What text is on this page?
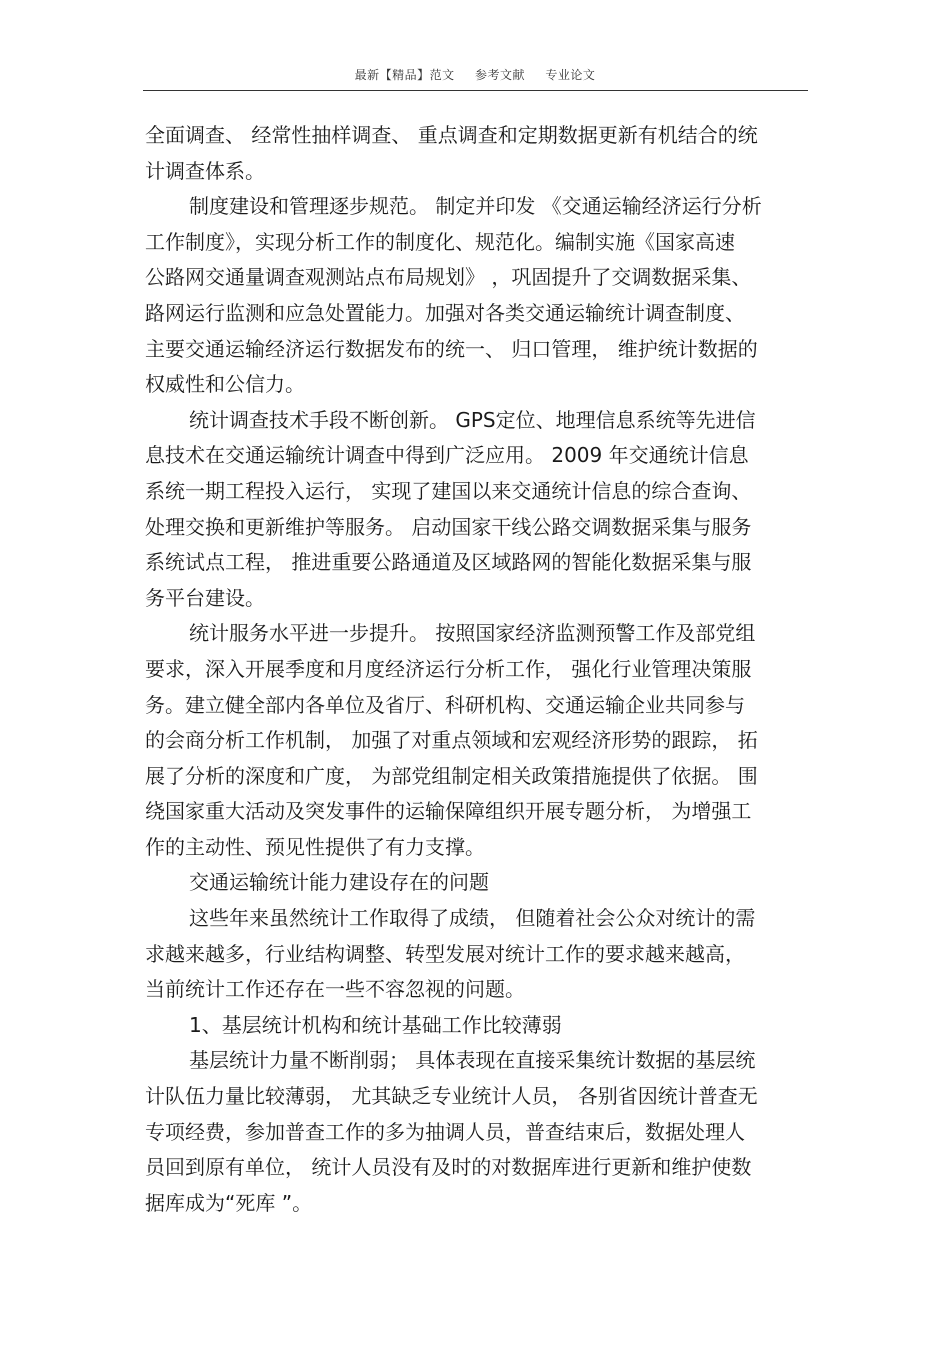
最新【精品】范文 参考文献 专业论文
全面调查、 经常性抽样调查、 重点调查和定期数据更新有机结合的统
计调查体系。
制度建设和管理逐步规范。 制定并印发 《交通运输经济运行分析
工作制度》，实现分析工作的制度化、规范化。编制实施《国家高速
公路网交通量调查观测站点布局规划》 ，巩固提升了交调数据采集、
路网运行监测和应急处置能力。加强对各类交通运输统计调查制度、
主要交通运输经济运行数据发布的统一、 归口管理， 维护统计数据的
权威性和公信力。
统计调查技术手段不断创新。 GPS定位、地理信息系统等先进信
息技术在交通运输统计调查中得到广泛应用。 2009 年交通统计信息
系统一期工程投入运行， 实现了建国以来交通统计信息的综合查询、
处理交换和更新维护等服务。 启动国家干线公路交调数据采集与服务
系统试点工程， 推进重要公路通道及区域路网的智能化数据采集与服
务平台建设。
统计服务水平进一步提升。 按照国家经济监测预警工作及部党组
要求，深入开展季度和月度经济运行分析工作， 强化行业管理决策服
务。建立健全部内各单位及省厅、科研机构、交通运输企业共同参与
的会商分析工作机制， 加强了对重点领域和宏观经济形势的跟踪， 拓
展了分析的深度和广度， 为部党组制定相关政策措施提供了依据。 围
绕国家重大活动及突发事件的运输保障组织开展专题分析， 为增强工
作的主动性、预见性提供了有力支撑。
交通运输统计能力建设存在的问题
这些年来虽然统计工作取得了成绩， 但随着社会公众对统计的需
求越来越多，行业结构调整、转型发展对统计工作的要求越来越高，
当前统计工作还存在一些不容忽视的问题。
1、基层统计机构和统计基础工作比较薄弱
基层统计力量不断削弱； 具体表现在直接采集统计数据的基层统
计队伍力量比较薄弱， 尤其缺乏专业统计人员， 各别省因统计普查无
专项经费，参加普查工作的多为抽调人员，普查结束后，数据处理人
员回到原有单位， 统计人员没有及时的对数据库进行更新和维护使数
据库成为“死库 ”。
